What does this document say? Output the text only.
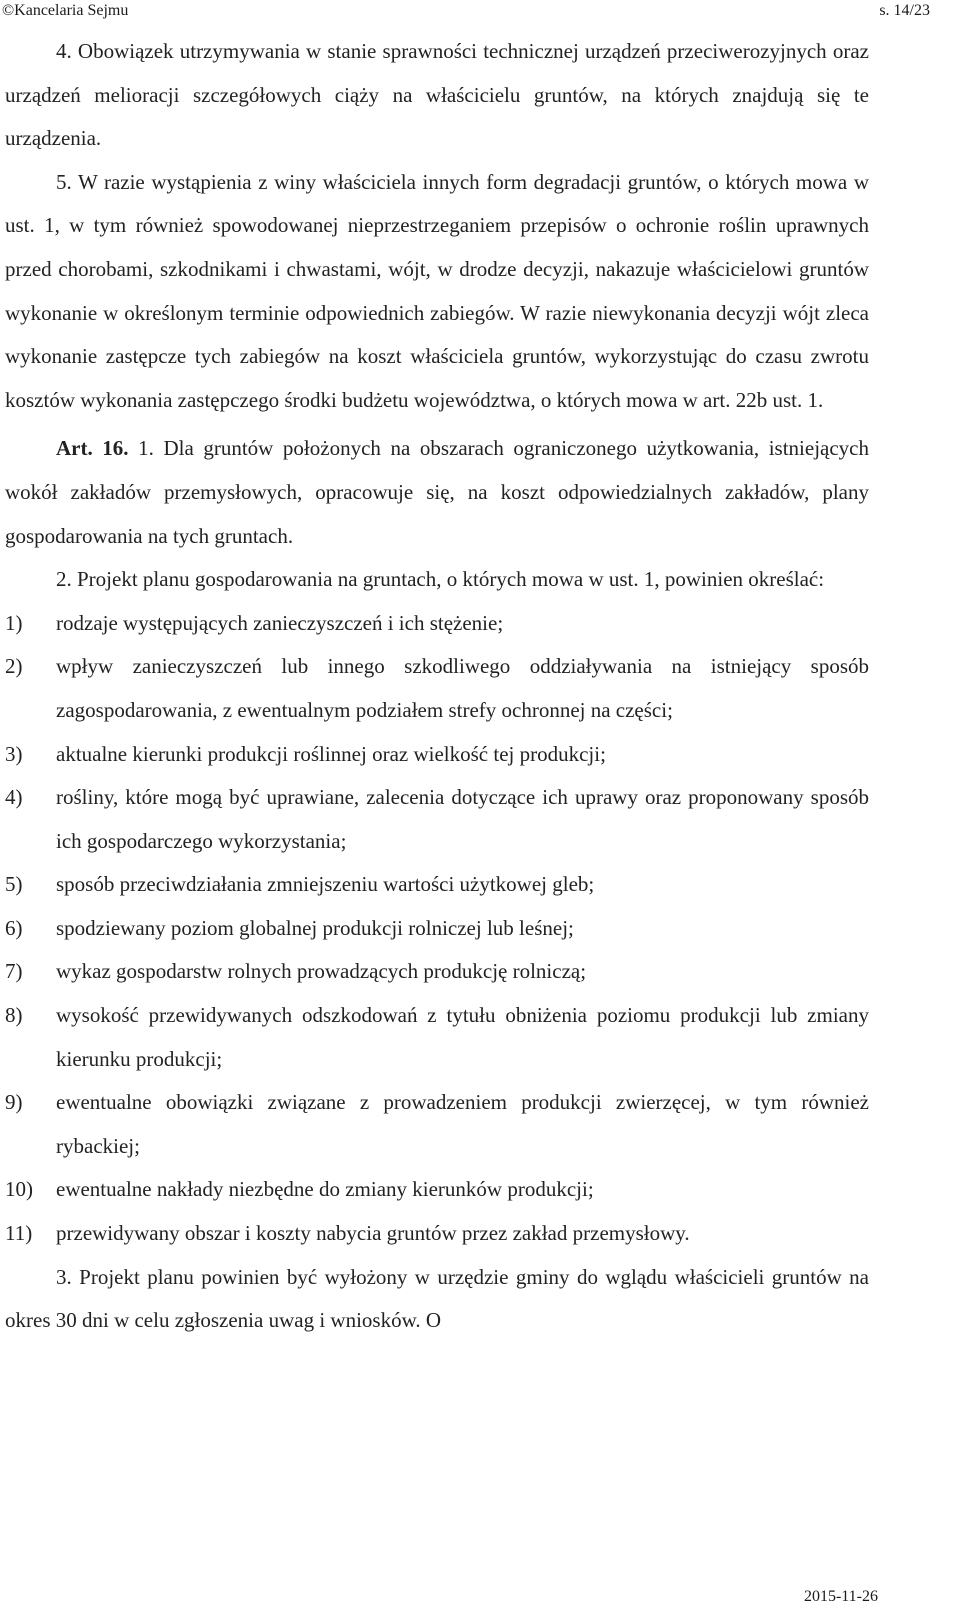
©Kancelaria Sejmu	s. 14/23

4. Obowiązek utrzymywania w stanie sprawności technicznej urządzeń przeciwerozyjnych oraz urządzeń melioracji szczegółowych ciąży na właścicielu gruntów, na których znajdują się te urządzenia.

5. W razie wystąpienia z winy właściciela innych form degradacji gruntów, o których mowa w ust. 1, w tym również spowodowanej nieprzestrzeganiem przepisów o ochronie roślin uprawnych przed chorobami, szkodnikami i chwastami, wójt, w drodze decyzji, nakazuje właścicielowi gruntów wykonanie w określonym terminie odpowiednich zabiegów. W razie niewykonania decyzji wójt zleca wykonanie zastępcze tych zabiegów na koszt właściciela gruntów, wykorzystując do czasu zwrotu kosztów wykonania zastępczego środki budżetu województwa, o których mowa w art. 22b ust. 1.

Art. 16. 1. Dla gruntów położonych na obszarach ograniczonego użytkowania, istniejących wokół zakładów przemysłowych, opracowuje się, na koszt odpowiedzialnych zakładów, plany gospodarowania na tych gruntach.

2. Projekt planu gospodarowania na gruntach, o których mowa w ust. 1, powinien określać:

1) rodzaje występujących zanieczyszczeń i ich stężenie;
2) wpływ zanieczyszczeń lub innego szkodliwego oddziaływania na istniejący sposób zagospodarowania, z ewentualnym podziałem strefy ochronnej na części;
3) aktualne kierunki produkcji roślinnej oraz wielkość tej produkcji;
4) rośliny, które mogą być uprawiane, zalecenia dotyczące ich uprawy oraz proponowany sposób ich gospodarczego wykorzystania;
5) sposób przeciwdziałania zmniejszeniu wartości użytkowej gleb;
6) spodziewany poziom globalnej produkcji rolniczej lub leśnej;
7) wykaz gospodarstw rolnych prowadzących produkcję rolniczą;
8) wysokość przewidywanych odszkodowań z tytułu obniżenia poziomu produkcji lub zmiany kierunku produkcji;
9) ewentualne obowiązki związane z prowadzeniem produkcji zwierzęcej, w tym również rybackiej;
10) ewentualne nakłady niezbędne do zmiany kierunków produkcji;
11) przewidywany obszar i koszty nabycia gruntów przez zakład przemysłowy.

3. Projekt planu powinien być wyłożony w urzędzie gminy do wglądu właścicieli gruntów na okres 30 dni w celu zgłoszenia uwag i wniosków. O

2015-11-26
